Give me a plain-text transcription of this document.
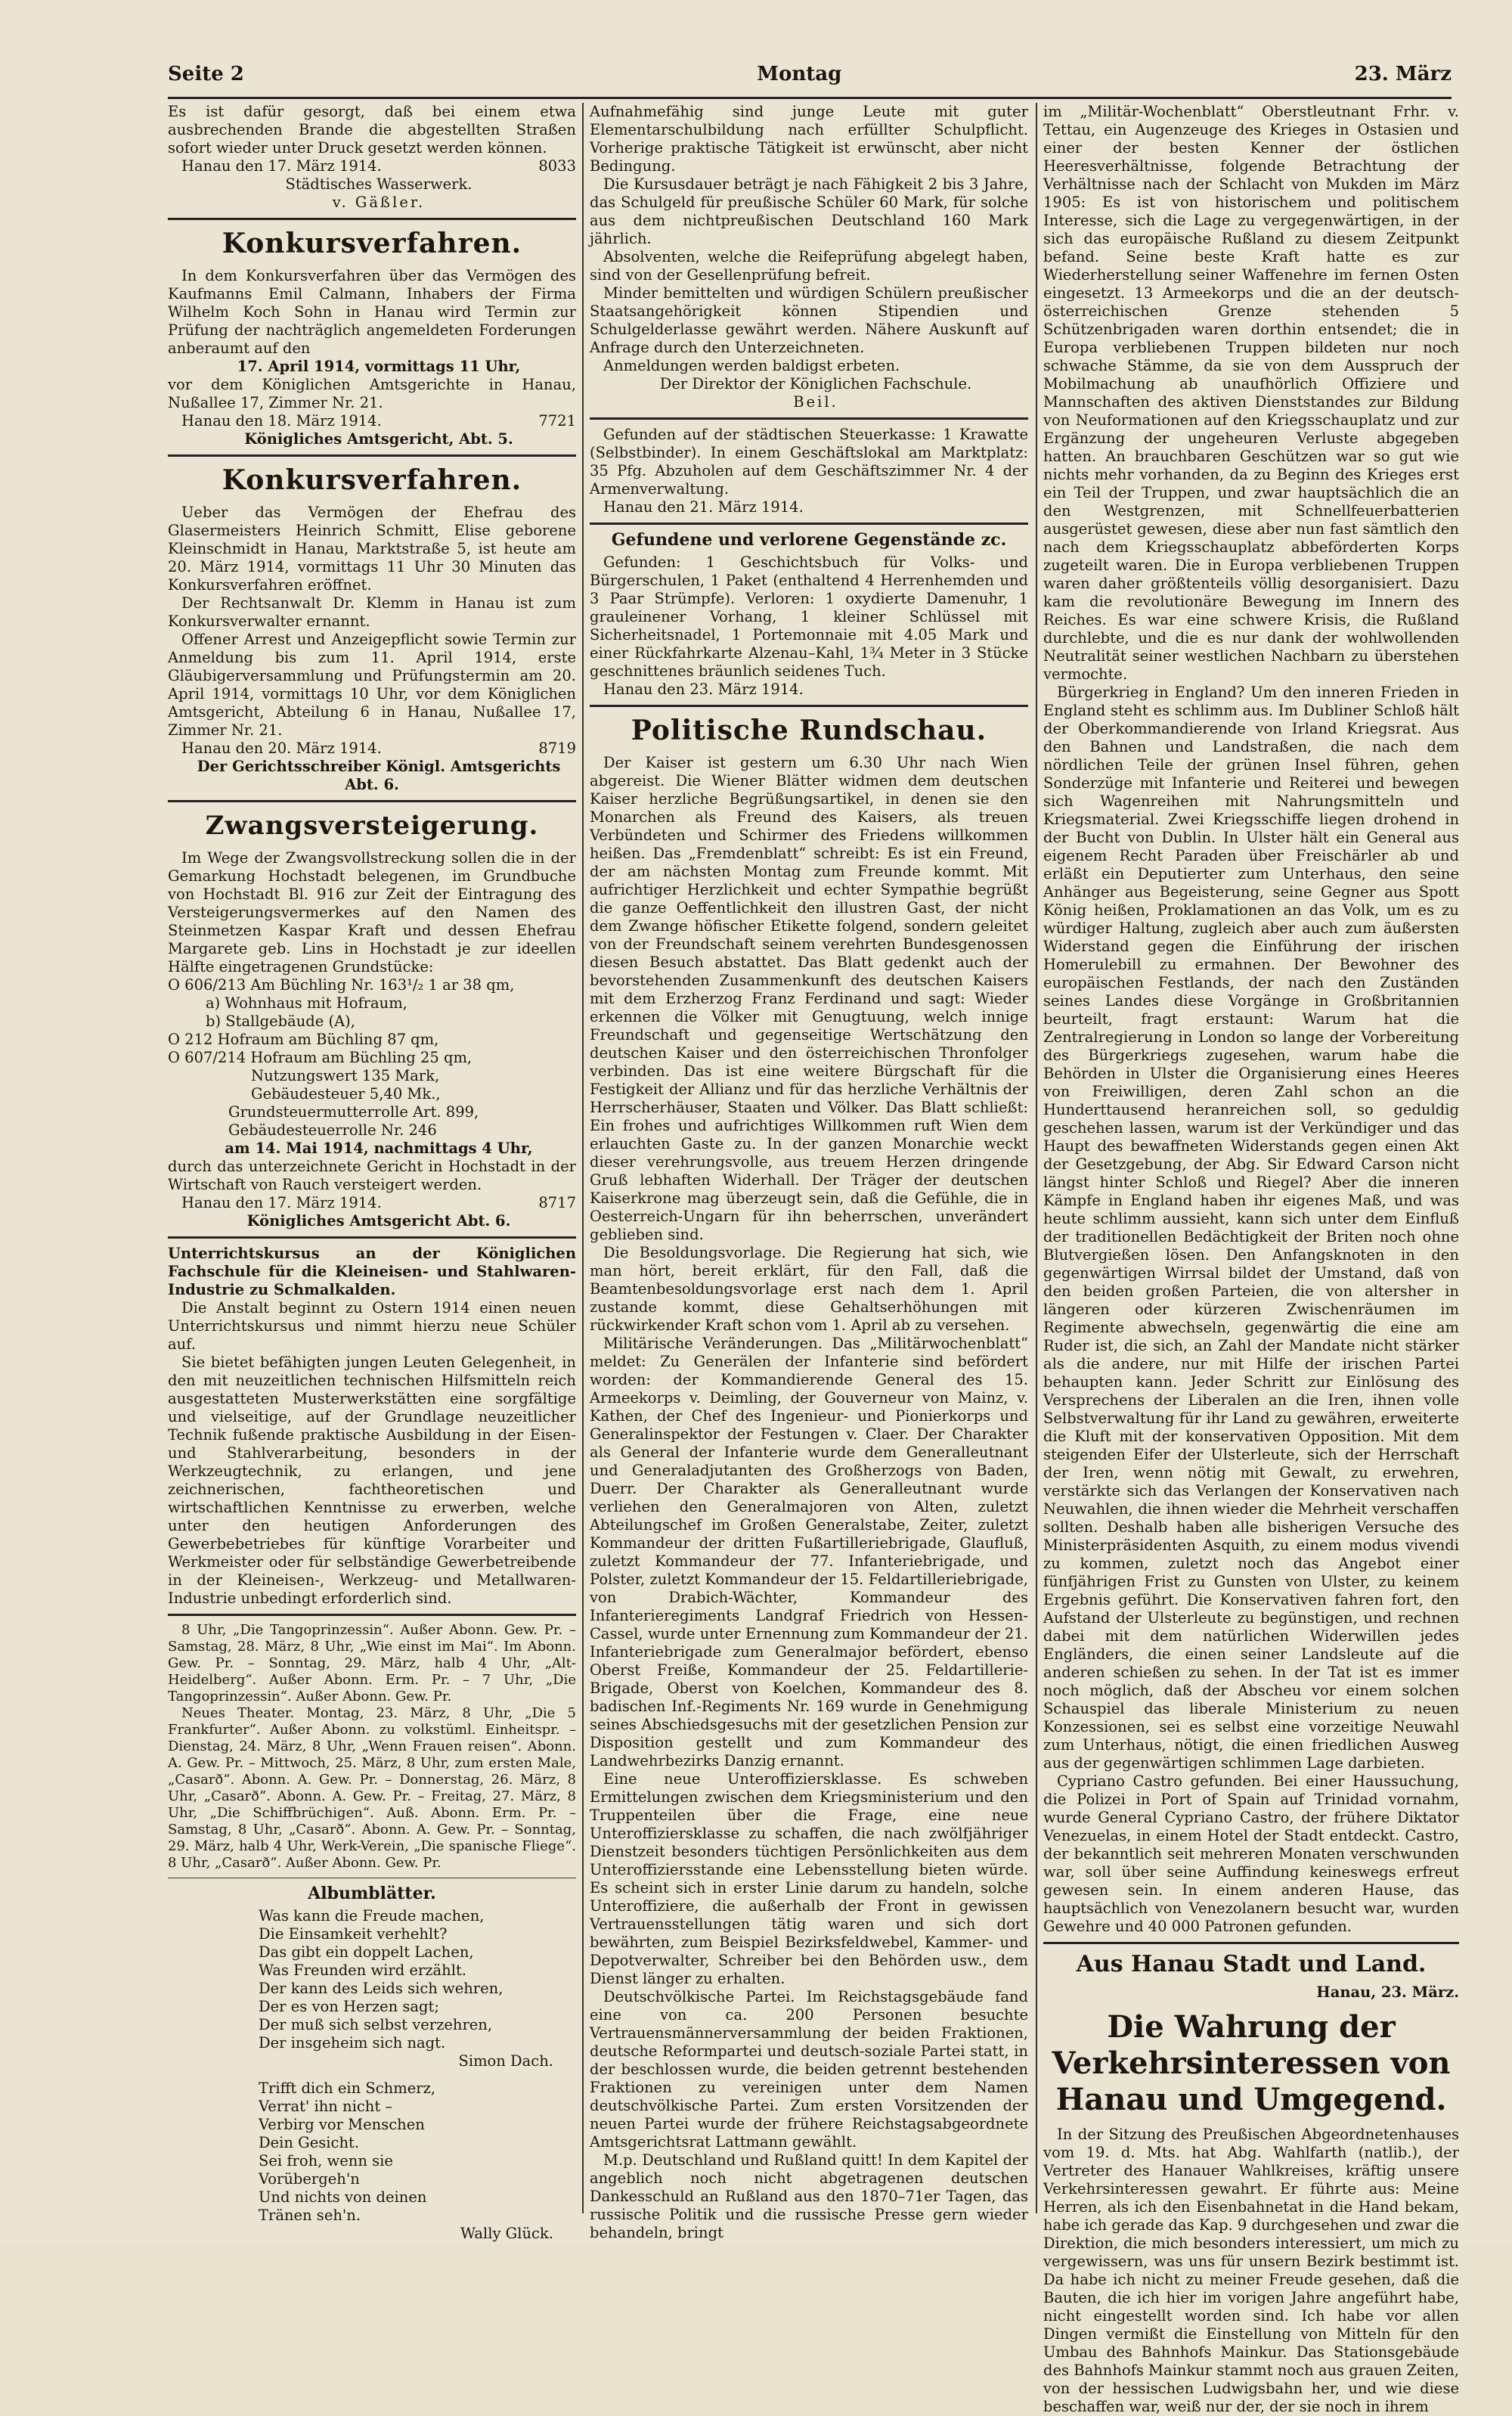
Seite 2	Montag	23. März

Es ist dafür gesorgt, daß bei einem etwa ausbrechenden Brande die abgestellten Straßen sofort wieder unter Druck gesetzt werden können.

Hanau den 17. März 1914.	8033

Städtisches Wasserwerk.

v. Gäßler.

Konkursverfahren.

In dem Konkursverfahren über das Vermögen des Kaufmanns Emil Calmann, Inhabers der Firma Wilhelm Koch Sohn in Hanau wird Termin zur Prüfung der nachträglich angemeldeten Forderungen anberaumt auf den

17. April 1914, vormittags 11 Uhr,

vor dem Königlichen Amtsgerichte in Hanau, Nußallee 17, Zimmer Nr. 21.

Hanau den 18. März 1914.	7721

Königliches Amtsgericht, Abt. 5.

Konkursverfahren.

Ueber das Vermögen der Ehefrau des Glasermeisters Heinrich Schmitt, Elise geborene Kleinschmidt in Hanau, Marktstraße 5, ist heute am 20. März 1914, vormittags 11 Uhr 30 Minuten das Konkursverfahren eröffnet.

Der Rechtsanwalt Dr. Klemm in Hanau ist zum Konkursverwalter ernannt.

Offener Arrest und Anzeigepflicht sowie Termin zur Anmeldung bis zum 11. April 1914, erste Gläubigerversammlung und Prüfungstermin am 20. April 1914, vormittags 10 Uhr, vor dem Königlichen Amtsgericht, Abteilung 6 in Hanau, Nußallee 17, Zimmer Nr. 21.

Hanau den 20. März 1914.	8719

Der Gerichtsschreiber Königl. Amtsgerichts Abt. 6.

Zwangsversteigerung.

Im Wege der Zwangsvollstreckung sollen die in der Gemarkung Hochstadt belegenen, im Grundbuche von Hochstadt Bl. 916 zur Zeit der Eintragung des Versteigerungsvermerkes auf den Namen des Steinmetzen Kaspar Kraft und dessen Ehefrau Margarete geb. Lins in Hochstadt je zur ideellen Hälfte eingetragenen Grundstücke:

O 606/213 Am Büchling Nr. 163¹/₂ 1 ar 38 qm,

a) Wohnhaus mit Hofraum,

b) Stallgebäude (A),

O 212 Hofraum am Büchling 87 qm,

O 607/214 Hofraum am Büchling 25 qm,

Nutzungswert 135 Mark,

Gebäudesteuer 5,40 Mk.,

Grundsteuermutterrolle Art. 899,

Gebäudesteuerrolle Nr. 246

am 14. Mai 1914, nachmittags 4 Uhr,

durch das unterzeichnete Gericht in Hochstadt in der Wirtschaft von Rauch versteigert werden.

Hanau den 17. März 1914.	8717

Königliches Amtsgericht Abt. 6.

Unterrichtskursus an der Königlichen Fachschule für die Kleineisen- und Stahlwaren-Industrie zu Schmalkalden.

Die Anstalt beginnt zu Ostern 1914 einen neuen Unterrichtskursus und nimmt hierzu neue Schüler auf.

Sie bietet befähigten jungen Leuten Gelegenheit, in den mit neuzeitlichen technischen Hilfsmitteln reich ausgestatteten Musterwerkstätten eine sorgfältige und vielseitige, auf der Grundlage neuzeitlicher Technik fußende praktische Ausbildung in der Eisen- und Stahlverarbeitung, besonders in der Werkzeugtechnik, zu erlangen, und jene zeichnerischen, fachtheoretischen und wirtschaftlichen Kenntnisse zu erwerben, welche unter den heutigen Anforderungen des Gewerbebetriebes für künftige Vorarbeiter und Werkmeister oder für selbständige Gewerbetreibende in der Kleineisen-, Werkzeug- und Metallwaren-Industrie unbedingt erforderlich sind.

8 Uhr, „Die Tangoprinzessin“. Außer Abonn. Gew. Pr. – Samstag, 28. März, 8 Uhr, „Wie einst im Mai“. Im Abonn. Gew. Pr. – Sonntag, 29. März, halb 4 Uhr, „Alt-Heidelberg“. Außer Abonn. Erm. Pr. – 7 Uhr, „Die Tangoprinzessin“. Außer Abonn. Gew. Pr.

Neues Theater. Montag, 23. März, 8 Uhr, „Die 5 Frankfurter“. Außer Abonn. zu volkstüml. Einheitspr. – Dienstag, 24. März, 8 Uhr, „Wenn Frauen reisen“. Abonn. A. Gew. Pr. – Mittwoch, 25. März, 8 Uhr, zum ersten Male, „Casarð“. Abonn. A. Gew. Pr. – Donnerstag, 26. März, 8 Uhr, „Casarð“. Abonn. A. Gew. Pr. – Freitag, 27. März, 8 Uhr, „Die Schiffbrüchigen“. Auß. Abonn. Erm. Pr. – Samstag, 8 Uhr, „Casarð“. Abonn. A. Gew. Pr. – Sonntag, 29. März, halb 4 Uhr, Werk-Verein, „Die spanische Fliege“. 8 Uhr, „Casarð“. Außer Abonn. Gew. Pr.

Albumblätter.

Was kann die Freude machen,

Die Einsamkeit verhehlt?

Das gibt ein doppelt Lachen,

Was Freunden wird erzählt.

Der kann des Leids sich wehren,

Der es von Herzen sagt;

Der muß sich selbst verzehren,

Der insgeheim sich nagt.

Simon Dach.

Trifft dich ein Schmerz,

Verrat' ihn nicht –

Verbirg vor Menschen

Dein Gesicht.

Sei froh, wenn sie

Vorübergeh'n

Und nichts von deinen

Tränen seh'n.

Wally Glück.

Aufnahmefähig sind junge Leute mit guter Elementarschulbildung nach erfüllter Schulpflicht. Vorherige praktische Tätigkeit ist erwünscht, aber nicht Bedingung.

Die Kursusdauer beträgt je nach Fähigkeit 2 bis 3 Jahre, das Schulgeld für preußische Schüler 60 Mark, für solche aus dem nichtpreußischen Deutschland 160 Mark jährlich.

Absolventen, welche die Reifeprüfung abgelegt haben, sind von der Gesellenprüfung befreit.

Minder bemittelten und würdigen Schülern preußischer Staatsangehörigkeit können Stipendien und Schulgelderlasse gewährt werden. Nähere Auskunft auf Anfrage durch den Unterzeichneten.

Anmeldungen werden baldigst erbeten.

Der Direktor der Königlichen Fachschule.

Beil.

Gefunden auf der städtischen Steuerkasse: 1 Krawatte (Selbstbinder). In einem Geschäftslokal am Marktplatz: 35 Pfg. Abzuholen auf dem Geschäftszimmer Nr. 4 der Armenverwaltung.

Hanau den 21. März 1914.

Gefundene und verlorene Gegenstände zc.

Gefunden: 1 Geschichtsbuch für Volks- und Bürgerschulen, 1 Paket (enthaltend 4 Herrenhemden und 3 Paar Strümpfe). Verloren: 1 oxydierte Damenuhr, 1 grauleinener Vorhang, 1 kleiner Schlüssel mit Sicherheitsnadel, 1 Portemonnaie mit 4.05 Mark und einer Rückfahrkarte Alzenau–Kahl, 1¾ Meter in 3 Stücke geschnittenes bräunlich seidenes Tuch.

Hanau den 23. März 1914.

Politische Rundschau.

Der Kaiser ist gestern um 6.30 Uhr nach Wien abgereist. Die Wiener Blätter widmen dem deutschen Kaiser herzliche Begrüßungsartikel, in denen sie den Monarchen als Freund des Kaisers, als treuen Verbündeten und Schirmer des Friedens willkommen heißen. Das „Fremdenblatt“ schreibt: Es ist ein Freund, der am nächsten Montag zum Freunde kommt. Mit aufrichtiger Herzlichkeit und echter Sympathie begrüßt die ganze Oeffentlichkeit den illustren Gast, der nicht dem Zwange höfischer Etikette folgend, sondern geleitet von der Freundschaft seinem verehrten Bundesgenossen diesen Besuch abstattet. Das Blatt gedenkt auch der bevorstehenden Zusammenkunft des deutschen Kaisers mit dem Erzherzog Franz Ferdinand und sagt: Wieder erkennen die Völker mit Genugtuung, welch innige Freundschaft und gegenseitige Wertschätzung den deutschen Kaiser und den österreichischen Thronfolger verbinden. Das ist eine weitere Bürgschaft für die Festigkeit der Allianz und für das herzliche Verhältnis der Herrscherhäuser, Staaten und Völker. Das Blatt schließt: Ein frohes und aufrichtiges Willkommen ruft Wien dem erlauchten Gaste zu. In der ganzen Monarchie weckt dieser verehrungsvolle, aus treuem Herzen dringende Gruß lebhaften Widerhall. Der Träger der deutschen Kaiserkrone mag überzeugt sein, daß die Gefühle, die in Oesterreich-Ungarn für ihn beherrschen, unverändert geblieben sind.

Die Besoldungsvorlage. Die Regierung hat sich, wie man hört, bereit erklärt, für den Fall, daß die Beamtenbesoldungsvorlage erst nach dem 1. April zustande kommt, diese Gehaltserhöhungen mit rückwirkender Kraft schon vom 1. April ab zu versehen.

Militärische Veränderungen. Das „Militärwochenblatt“ meldet: Zu Generälen der Infanterie sind befördert worden: der Kommandierende General des 15. Armeekorps v. Deimling, der Gouverneur von Mainz, v. Kathen, der Chef des Ingenieur- und Pionierkorps und Generalinspektor der Festungen v. Claer. Der Charakter als General der Infanterie wurde dem Generalleutnant und Generaladjutanten des Großherzogs von Baden, Duerr. Der Charakter als Generalleutnant wurde verliehen den Generalmajoren von Alten, zuletzt Abteilungschef im Großen Generalstabe, Zeiter, zuletzt Kommandeur der dritten Fußartilleriebrigade, Glaufluß, zuletzt Kommandeur der 77. Infanteriebrigade, und Polster, zuletzt Kommandeur der 15. Feldartilleriebrigade, von Drabich-Wächter, Kommandeur des Infanterieregiments Landgraf Friedrich von Hessen-Cassel, wurde unter Ernennung zum Kommandeur der 21. Infanteriebrigade zum Generalmajor befördert, ebenso Oberst Freiße, Kommandeur der 25. Feldartillerie-Brigade, Oberst von Koelchen, Kommandeur des 8. badischen Inf.-Regiments Nr. 169 wurde in Genehmigung seines Abschiedsgesuchs mit der gesetzlichen Pension zur Disposition gestellt und zum Kommandeur des Landwehrbezirks Danzig ernannt.

Eine neue Unteroffiziersklasse. Es schweben Ermittelungen zwischen dem Kriegsministerium und den Truppenteilen über die Frage, eine neue Unteroffiziersklasse zu schaffen, die nach zwölfjähriger Dienstzeit besonders tüchtigen Persönlichkeiten aus dem Unteroffiziersstande eine Lebensstellung bieten würde. Es scheint sich in erster Linie darum zu handeln, solche Unteroffiziere, die außerhalb der Front in gewissen Vertrauensstellungen tätig waren und sich dort bewährten, zum Beispiel Bezirksfeldwebel, Kammer- und Depotverwalter, Schreiber bei den Behörden usw., dem Dienst länger zu erhalten.

Deutschvölkische Partei. Im Reichstagsgebäude fand eine von ca. 200 Personen besuchte Vertrauensmännerversammlung der beiden Fraktionen, deutsche Reformpartei und deutsch-soziale Partei statt, in der beschlossen wurde, die beiden getrennt bestehenden Fraktionen zu vereinigen unter dem Namen deutschvölkische Partei. Zum ersten Vorsitzenden der neuen Partei wurde der frühere Reichstagsabgeordnete Amtsgerichtsrat Lattmann gewählt.

M.p. Deutschland und Rußland quitt! In dem Kapitel der angeblich noch nicht abgetragenen deutschen Dankesschuld an Rußland aus den 1870–71er Tagen, das russische Politik und die russische Presse gern wieder behandeln, bringt

im „Militär-Wochenblatt“ Oberstleutnant Frhr. v. Tettau, ein Augenzeuge des Krieges in Ostasien und einer der besten Kenner der östlichen Heeresverhältnisse, folgende Betrachtung der Verhältnisse nach der Schlacht von Mukden im März 1905: Es ist von historischem und politischem Interesse, sich die Lage zu vergegenwärtigen, in der sich das europäische Rußland zu diesem Zeitpunkt befand. Seine beste Kraft hatte es zur Wiederherstellung seiner Waffenehre im fernen Osten eingesetzt. 13 Armeekorps und die an der deutsch-österreichischen Grenze stehenden 5 Schützenbrigaden waren dorthin entsendet; die in Europa verbliebenen Truppen bildeten nur noch schwache Stämme, da sie von dem Ausspruch der Mobilmachung ab unaufhörlich Offiziere und Mannschaften des aktiven Dienststandes zur Bildung von Neuformationen auf den Kriegsschauplatz und zur Ergänzung der ungeheuren Verluste abgegeben hatten. An brauchbaren Geschützen war so gut wie nichts mehr vorhanden, da zu Beginn des Krieges erst ein Teil der Truppen, und zwar hauptsächlich die an den Westgrenzen, mit Schnellfeuerbatterien ausgerüstet gewesen, diese aber nun fast sämtlich den nach dem Kriegsschauplatz abbeförderten Korps zugeteilt waren. Die in Europa verbliebenen Truppen waren daher größtenteils völlig desorganisiert. Dazu kam die revolutionäre Bewegung im Innern des Reiches. Es war eine schwere Krisis, die Rußland durchlebte, und die es nur dank der wohlwollenden Neutralität seiner westlichen Nachbarn zu überstehen vermochte.

Bürgerkrieg in England? Um den inneren Frieden in England steht es schlimm aus. Im Dubliner Schloß hält der Oberkommandierende von Irland Kriegsrat. Aus den Bahnen und Landstraßen, die nach dem nördlichen Teile der grünen Insel führen, gehen Sonderzüge mit Infanterie und Reiterei und bewegen sich Wagenreihen mit Nahrungsmitteln und Kriegsmaterial. Zwei Kriegsschiffe liegen drohend in der Bucht von Dublin. In Ulster hält ein General aus eigenem Recht Paraden über Freischärler ab und erläßt ein Deputierter zum Unterhaus, den seine Anhänger aus Begeisterung, seine Gegner aus Spott König heißen, Proklamationen an das Volk, um es zu würdiger Haltung, zugleich aber auch zum äußersten Widerstand gegen die Einführung der irischen Homerulebill zu ermahnen. Der Bewohner des europäischen Festlands, der nach den Zuständen seines Landes diese Vorgänge in Großbritannien beurteilt, fragt erstaunt: Warum hat die Zentralregierung in London so lange der Vorbereitung des Bürgerkriegs zugesehen, warum habe die Behörden in Ulster die Organisierung eines Heeres von Freiwilligen, deren Zahl schon an die Hunderttausend heranreichen soll, so geduldig geschehen lassen, warum ist der Verkündiger und das Haupt des bewaffneten Widerstands gegen einen Akt der Gesetzgebung, der Abg. Sir Edward Carson nicht längst hinter Schloß und Riegel? Aber die inneren Kämpfe in England haben ihr eigenes Maß, und was heute schlimm aussieht, kann sich unter dem Einfluß der traditionellen Bedächtigkeit der Briten noch ohne Blutvergießen lösen. Den Anfangsknoten in den gegenwärtigen Wirrsal bildet der Umstand, daß von den beiden großen Parteien, die von altersher in längeren oder kürzeren Zwischenräumen im Regimente abwechseln, gegenwärtig die eine am Ruder ist, die sich, an Zahl der Mandate nicht stärker als die andere, nur mit Hilfe der irischen Partei behaupten kann. Jeder Schritt zur Einlösung des Versprechens der Liberalen an die Iren, ihnen volle Selbstverwaltung für ihr Land zu gewähren, erweiterte die Kluft mit der konservativen Opposition. Mit dem steigenden Eifer der Ulsterleute, sich der Herrschaft der Iren, wenn nötig mit Gewalt, zu erwehren, verstärkte sich das Verlangen der Konservativen nach Neuwahlen, die ihnen wieder die Mehrheit verschaffen sollten. Deshalb haben alle bisherigen Versuche des Ministerpräsidenten Asquith, zu einem modus vivendi zu kommen, zuletzt noch das Angebot einer fünfjährigen Frist zu Gunsten von Ulster, zu keinem Ergebnis geführt. Die Konservativen fahren fort, den Aufstand der Ulsterleute zu begünstigen, und rechnen dabei mit dem natürlichen Widerwillen jedes Engländers, die einen seiner Landsleute auf die anderen schießen zu sehen. In der Tat ist es immer noch möglich, daß der Abscheu vor einem solchen Schauspiel das liberale Ministerium zu neuen Konzessionen, sei es selbst eine vorzeitige Neuwahl zum Unterhaus, nötigt, die einen friedlichen Ausweg aus der gegenwärtigen schlimmen Lage darbieten.

Cypriano Castro gefunden. Bei einer Haussuchung, die Polizei in Port of Spain auf Trinidad vornahm, wurde General Cypriano Castro, der frühere Diktator Venezuelas, in einem Hotel der Stadt entdeckt. Castro, der bekanntlich seit mehreren Monaten verschwunden war, soll über seine Auffindung keineswegs erfreut gewesen sein. In einem anderen Hause, das hauptsächlich von Venezolanern besucht war, wurden Gewehre und 40 000 Patronen gefunden.

Aus Hanau Stadt und Land.

Hanau, 23. März.

Die Wahrung der Verkehrsinteressen von Hanau und Umgegend.

In der Sitzung des Preußischen Abgeordnetenhauses vom 19. d. Mts. hat Abg. Wahlfarth (natlib.), der Vertreter des Hanauer Wahlkreises, kräftig unsere Verkehrsinteressen gewahrt. Er führte aus: Meine Herren, als ich den Eisenbahnetat in die Hand bekam, habe ich gerade das Kap. 9 durchgesehen und zwar die Direktion, die mich besonders interessiert, um mich zu vergewissern, was uns für unsern Bezirk bestimmt ist. Da habe ich nicht zu meiner Freude gesehen, daß die Bauten, die ich hier im vorigen Jahre angeführt habe, nicht eingestellt worden sind. Ich habe vor allen Dingen vermißt die Einstellung von Mitteln für den Umbau des Bahnhofs Mainkur. Das Stationsgebäude des Bahnhofs Mainkur stammt noch aus grauen Zeiten, von der hessischen Ludwigsbahn her, und wie diese beschaffen war, weiß nur der, der sie noch in ihrem
